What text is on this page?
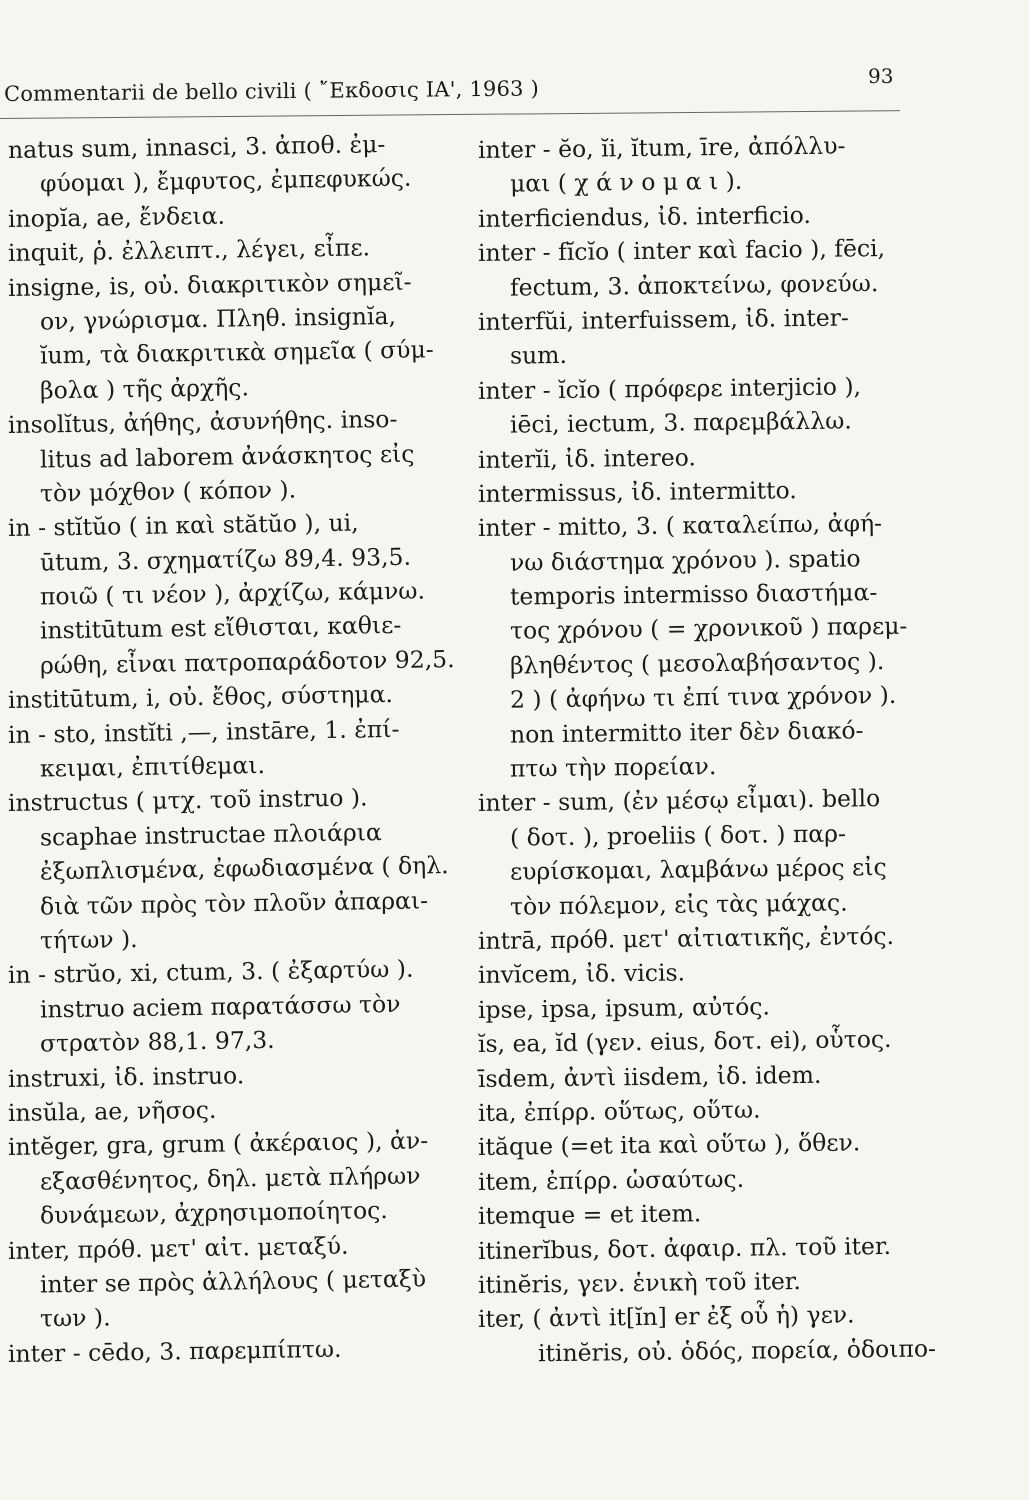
Commentarii de bello civili ( ῎Εκδοσις ΙΑ', 1963 )
93
natus sum, innasci, 3. ἀποθ. ἐμ-
φύομαι ), ἔμφυτος, ἐμπεφυκώς.
inopĭa, ae, ἔνδεια.
inquit, ῥ. ἐλλειπτ., λέγει, εἶπε.
insigne, is, οὐ. διακριτικὸν σημεῖ-
ον, γνώρισμα. Πληθ. insignĭa,
ĭum, τὰ διακριτικὰ σημεῖα ( σύμ-
βολα ) τῆς ἀρχῆς.
insolĭtus, ἀήθης, ἀσυνήθης. inso-
litus ad laborem ἀνάσκητος εἰς
τὸν μόχθον ( κόπον ).
in - stĭtŭo ( in καὶ stătŭo ), ui,
ūtum, 3. σχηματίζω 89,4. 93,5.
ποιῶ ( τι νέον ), ἀρχίζω, κάμνω.
institūtum est εἴθισται, καθιε-
ρώθη, εἶναι πατροπαράδοτον 92,5.
institūtum, i, οὐ. ἔθος, σύστημα.
in - sto, instĭti ,—, instāre, 1. ἐπί-
κειμαι, ἐπιτίθεμαι.
instructus ( μτχ. τοῦ instruo ).
scaphae instructae πλοιάρια
ἐξωπλισμένα, ἐφωδιασμένα ( δηλ.
διὰ τῶν πρὸς τὸν πλοῦν ἀπαραι-
τήτων ).
in - strŭo, xi, ctum, 3. ( ἐξαρτύω ).
instruo aciem παρατάσσω τὸν
στρατὸν 88,1. 97,3.
instruxi, ἰδ. instruo.
insŭla, ae, νῆσος.
intĕger, gra, grum ( ἀκέραιος ), ἀν-
εξασθένητος, δηλ. μετὰ πλήρων
δυνάμεων, ἀχρησιμοποίητος.
inter, πρόθ. μετ' αἰτ. μεταξύ.
inter se πρὸς ἀλλήλους ( μεταξὺ
των ).
inter - cēdo, 3. παρεμπίπτω.
inter - ĕo, ĭi, ĭtum, īre, ἀπόλλυ-
μαι ( χ ά ν ο μ α ι ).
interficiendus, ἰδ. interficio.
inter - fĭcĭo ( inter καὶ facio ), fēci,
fectum, 3. ἀποκτείνω, φονεύω.
interfŭi, interfuissem, ἰδ. inter-
sum.
inter - ĭcĭo ( πρόφερε interjicio ),
iēci, iectum, 3. παρεμβάλλω.
interĭi, ἰδ. intereo.
intermissus, ἰδ. intermitto.
inter - mitto, 3. ( καταλείπω, ἀφή-
νω διάστημα χρόνου ). spatio
temporis intermisso διαστήμα-
τος χρόνου ( = χρονικοῦ ) παρεμ-
βληθέντος ( μεσολαβήσαντος ).
2 ) ( ἀφήνω τι ἐπί τινα χρόνον ).
non intermitto iter δὲν διακό-
πτω τὴν πορείαν.
inter - sum, (ἐν μέσῳ εἶμαι). bello
( δοτ. ), proeliis ( δοτ. ) παρ-
ευρίσκομαι, λαμβάνω μέρος εἰς
τὸν πόλεμον, εἰς τὰς μάχας.
intrā, πρόθ. μετ' αἰτιατικῆς, ἐντός.
invĭcem, ἰδ. vicis.
ipse, ipsa, ipsum, αὐτός.
ĭs, ea, ĭd (γεν. eius, δοτ. ei), οὗτος.
īsdem, ἀντὶ iisdem, ἰδ. idem.
ita, ἐπίρρ. οὕτως, οὕτω.
ităque (=et ita καὶ οὕτω ), ὅθεν.
item, ἐπίρρ. ὡσαύτως.
itemque = et item.
itinerĭbus, δοτ. ἀφαιρ. πλ. τοῦ iter.
itinĕris, γεν. ἑνικὴ τοῦ iter.
iter, ( ἀντὶ it[ĭn] er ἐξ οὗ ἡ) γεν.
itinĕris, οὐ. ὁδός, πορεία, ὁδοιπο-
